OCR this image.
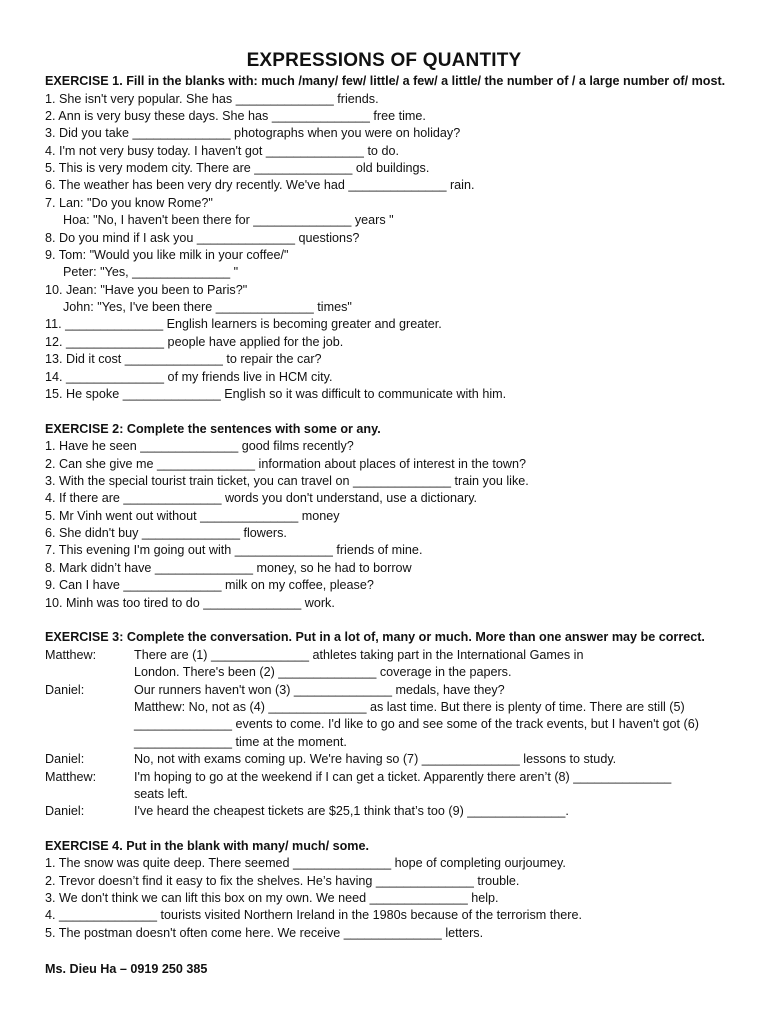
EXPRESSIONS OF QUANTITY
EXERCISE 1. Fill in the blanks with: much /many/ few/ little/ a few/ a little/ the number of / a large number of/ most.
1. She isn't very popular. She has ______________ friends.
2. Ann is very busy these days. She has ______________ free time.
3. Did you take ______________ photographs when you were on holiday?
4. I'm not very busy today. I haven't got ______________ to do.
5. This is very modem city. There are ______________ old buildings.
6. The weather has been very dry recently. We've had ______________ rain.
7. Lan: "Do you know Rome?"
Hoa: "No, I haven't been there for ______________ years "
8. Do you mind if I ask you ______________ questions?
9. Tom: "Would you like milk in your coffee/"
Peter: "Yes, ______________ "
10. Jean: "Have you been to Paris?"
John: "Yes, I've been there ______________ times"
11. ______________ English learners is becoming greater and greater.
12. ______________ people have applied for the job.
13. Did it cost ______________ to repair the car?
14. ______________ of my friends live in HCM city.
15. He spoke ______________ English so it was difficult to communicate with him.
EXERCISE 2: Complete the sentences with some or any.
1. Have he seen ______________ good films recently?
2. Can she give me ______________ information about places of interest in the town?
3. With the special tourist train ticket, you can travel on ______________ train you like.
4. If there are ______________ words you don't understand, use a dictionary.
5. Mr Vinh went out without ______________ money
6. She didn't buy ______________ flowers.
7. This evening I'm going out with ______________ friends of mine.
8. Mark didn’t have ______________ money, so he had to borrow
9. Can I have ______________ milk on my coffee, please?
10. Minh was too tired to do ______________ work.
EXERCISE 3: Complete the conversation. Put in a lot of, many or much. More than one answer may be correct.
Matthew:	There are (1) ______________ athletes taking part in the International Games in
London. There's been (2) ______________ coverage in the papers.
Daniel:	Our runners haven't won (3) ______________ medals, have they?
Matthew: No, not as (4) ______________ as last time. But there is plenty of time. There are still (5)
______________ events to come. I'd like to go and see some of the track events, but I haven't got (6)
______________ time at the moment.
Daniel:	No, not with exams coming up. We're having so (7) ______________ lessons to study.
Matthew:	I'm hoping to go at the weekend if I can get a ticket. Apparently there aren’t (8) ______________
seats left.
Daniel:	I've heard the cheapest tickets are $25,1 think that’s too (9) ______________.
EXERCISE 4. Put in the blank with many/ much/ some.
1. The snow was quite deep. There seemed ______________ hope of completing ourjoumey.
2. Trevor doesn’t find it easy to fix the shelves. He’s having ______________ trouble.
3. We don't think we can lift this box on my own. We need ______________ help.
4. ______________ tourists visited Northern Ireland in the 1980s because of the terrorism there.
5. The postman doesn't often come here. We receive ______________ letters.
Ms. Dieu Ha – 0919 250 385
